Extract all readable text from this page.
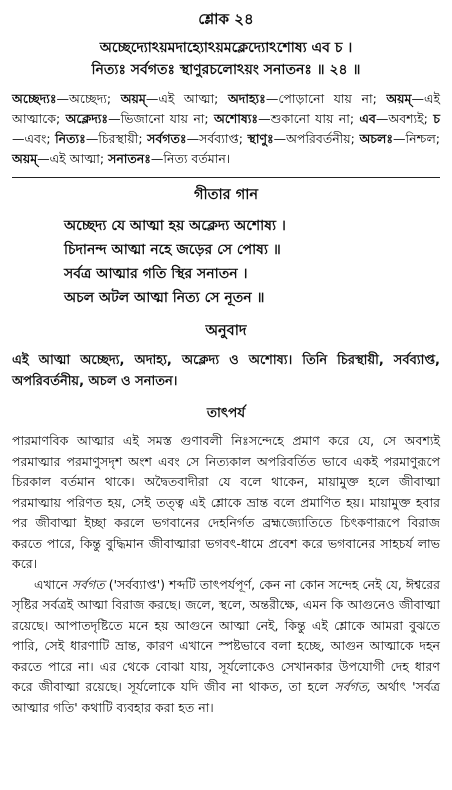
শ্লোক ২৪
অচ্ছেদ্যোঽয়মদাহ্যোঽয়মক্লেদ্যোঽশোষ্য এব চ ।
নিত্যঃ সর্বগতঃ স্থাণুরচলোঽয়ং সনাতনঃ ॥ ২৪ ॥
অচ্ছেদ্যঃ—অচ্ছেদ্য; অয়ম্—এই আত্মা; অদাহ্যঃ—পোড়ানো যায় না; অয়ম্—এই আত্মাকে; অক্লেদ্যঃ—ভিজানো যায় না; অশোষ্যঃ—শুকানো যায় না; এব—অবশ্যই; চ—এবং; নিত্যঃ—চিরস্থায়ী; সর্বগতঃ—সর্বব্যাপ্ত; স্থাণুঃ—অপরিবর্তনীয়; অচলঃ—নিশ্চল; অয়ম্—এই আত্মা; সনাতনঃ—নিত্য বর্তমান।
গীতার গান
অচ্ছেদ্য যে আত্মা হয় অক্লেদ্য অশোষ্য ।
চিদানন্দ আত্মা নহে জড়ের সে পোষ্য ॥
সর্বত্র আত্মার গতি স্থির সনাতন ।
অচল অটল আত্মা নিত্য সে নূতন ॥
অনুবাদ
এই আত্মা অচ্ছেদ্য, অদাহ্য, অক্লেদ্য ও অশোষ্য। তিনি চিরস্থায়ী, সর্বব্যাপ্ত, অপরিবর্তনীয়, অচল ও সনাতন।
তাৎপর্য

পারমাণবিক আত্মার এই সমস্ত গুণাবলী নিঃসন্দেহে প্রমাণ করে যে, সে অবশ্যই পরমাত্মার পরমাণুসদৃশ অংশ এবং সে নিত্যকাল অপরিবর্তিত ভাবে একই পরমাণুরূপে চিরকাল বর্তমান থাকে। অদ্বৈতবাদীরা যে বলে থাকেন, মায়ামুক্ত হলে জীবাত্মা পরমাত্মায় পরিণত হয়, সেই তত্ত্ব এই শ্লোকে ভ্রান্ত বলে প্রমাণিত হয়। মায়ামুক্ত হবার পর জীবাত্মা ইচ্ছা করলে ভগবানের দেহনির্গত ব্রহ্মজ্যোতিতে চিৎকণারূপে বিরাজ করতে পারে, কিন্তু বুদ্ধিমান জীবাত্মারা ভগবৎ-ধামে প্রবেশ করে ভগবানের সাহচর্য লাভ করে।

এখানে সর্বগত ('সর্বব্যাপ্ত') শব্দটি তাৎপর্যপূর্ণ, কেন না কোন সন্দেহ নেই যে, ঈশ্বরের সৃষ্টির সর্বত্রই আত্মা বিরাজ করছে। জলে, স্থলে, অন্তরীক্ষে, এমন কি আগুনেও জীবাত্মা রয়েছে। আপাতদৃষ্টিতে মনে হয় আগুনে আত্মা নেই, কিন্তু এই শ্লোকে আমরা বুঝতে পারি, সেই ধারণাটি ভ্রান্ত, কারণ এখানে স্পষ্টভাবে বলা হচ্ছে, আগুন আত্মাকে দহন করতে পারে না। এর থেকে বোঝা যায়, সূর্যলোকেও সেখানকার উপযোগী দেহ ধারণ করে জীবাত্মা রয়েছে। সূর্যলোকে যদি জীব না থাকত, তা হলে সর্বগত, অর্থাৎ 'সর্বত্র আত্মার গতি' কথাটি ব্যবহার করা হত না।
